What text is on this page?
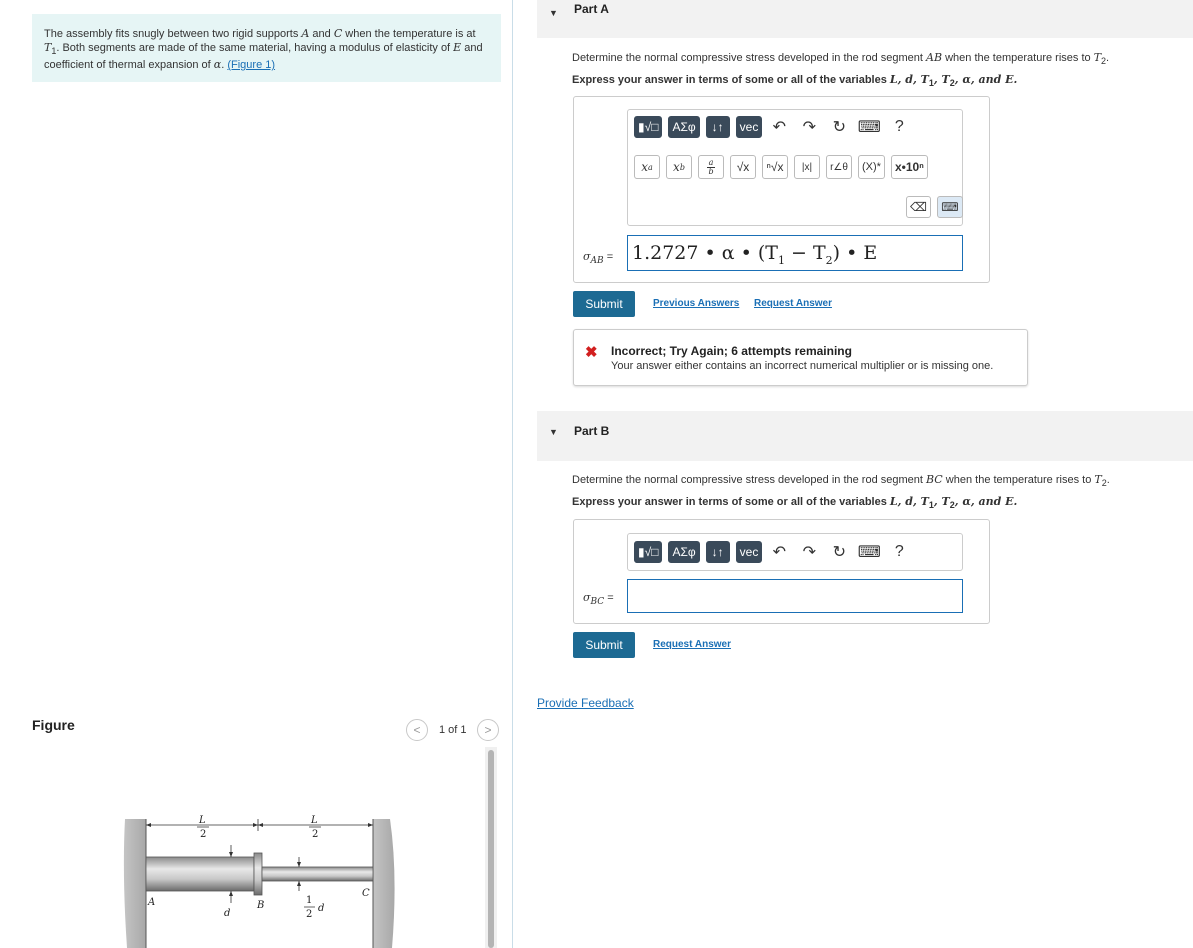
The assembly fits snugly between two rigid supports A and C when the temperature is at $T_1$. Both segments are made of the same material, having a modulus of elasticity of E and coefficient of thermal expansion of α. (Figure 1)
Figure	<	1 of 1	>
L
2
L
2
A	B
C
d
1
2
d
▼ Part A
Determine the normal compressive stress developed in the rod segment AB when the temperature rises to $T_2$.
Express your answer in terms of some or all of the variables L, d, $T_1$, $T_2$, α, and E.
▮√□	ΑΣφ	↓↑	vec ↶ ↷ ↻ ⌨ ?
x a x b
a
b	√x	ⁿ√x	|x|	r∠θ	(X)*	x•10ⁿ
⌫	⌨
$\sigma_{AB} = 1.2727$ • α • $(T_1 - T_2)$ • E
Submit	Previous Answers Request Answer
✖ Incorrect; Try Again; 6 attempts remaining
Your answer either contains an incorrect numerical multiplier or is missing one.
▼ Part B
Determine the normal compressive stress developed in the rod segment BC when the temperature rises to $T_2$.
Express your answer in terms of some or all of the variables L, d, $T_1$, $T_2$, α, and E.
▮√□	ΑΣφ	↓↑	vec ↶ ↷ ↻ ⌨ ?
$\sigma_{BC}$ =
Submit	Request Answer
Provide Feedback
